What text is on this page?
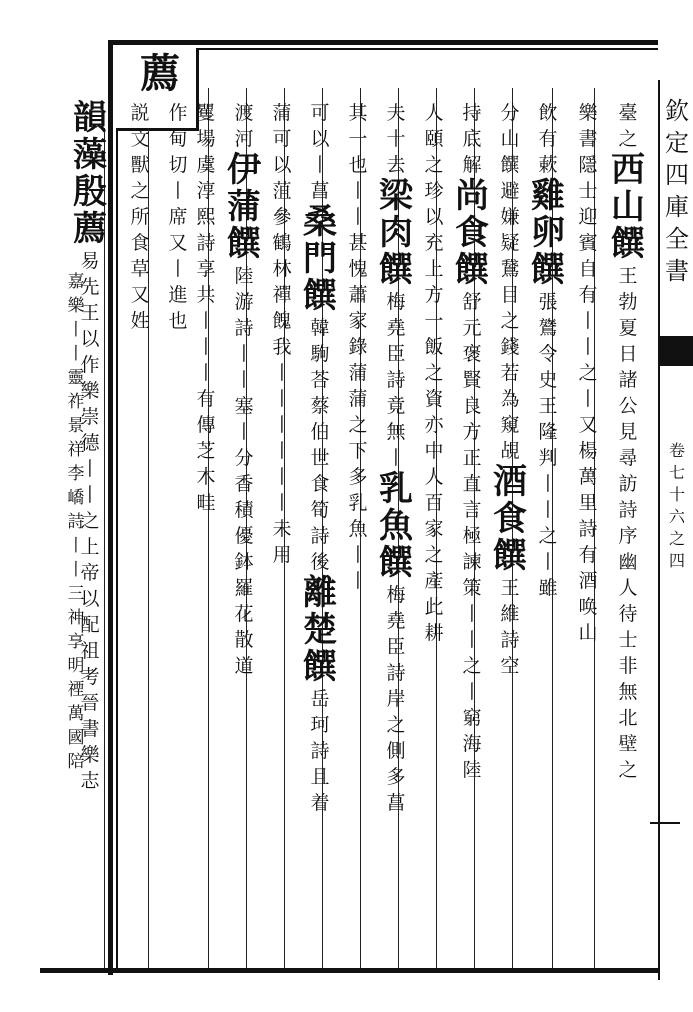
欽定四庫全書
卷七十六之四
薦
臺
之
西
山
饌
王
勃
夏
日
諸
公
見
尋
訪
詩
序
幽
人
待
士
非
無
北
壁
之
樂
書
隱
士
迎
賓
自
有
丨
丨
之
丨
又
楊
萬
里
詩
有
酒
唤
山
飲
有
蔌
雞
卵
饌
張
鷟
令
史
王
隆
判
丨
丨
之
丨
雖
分
山
饌
避
嫌
疑
鵞
目
之
錢
若
為
窺
覘
酒
食
饌
王
維
詩
空
持
底
解
尚
食
饌
舒
元
褒
賢
良
方
正
直
言
極
諫
策
丨
丨
之
丨
窮
海
陸
人
頤
之
珍
以
充
上
方
一
飯
之
資
亦
中
人
百
家
之
產
此
耕
夫
十
去
梁
肉
饌
梅
堯
臣
詩
竟
無
丨
乳
魚
饌
梅
堯
臣
詩
岸
之
側
多
菖
其
一
也
丨
丨
甚
愧
蕭
家
錄
蒲
蒲
之
下
多
乳
魚
丨
丨
可
以
丨
菖
桑
門
饌
韓
駒
荅
蔡
伯
世
食
筍
詩
後
離
楚
饌
岳
珂
詩
且
着
蒲
可
以
菹
參
鶴
林
禪
餽
我
丨
丨
丨
丨
丨
丨
未
用
渡
河
伊
蒲
饌
陸
游
詩
丨
丨
塞
丨
分
香
積
優
鉢
羅
花
散
道
矍
場
虞
淳
熙
詩
享
共
丨
丨
丨
有
傳
芝
木
畦
作
甸
切
丨
席
又
丨
進
也
説
文
獸
之
所
食
草
又
姓
韻
藻
殷
薦
易
先
王
以
作
樂
崇
德
丨
丨
之
上
帝
以
配
祖
考
晉
書
樂
志
嘉
樂
丨
丨
靈
祚
景
祥
李
嶠
詩
丨
丨
三
神
享
明
禋
萬
國
陪
